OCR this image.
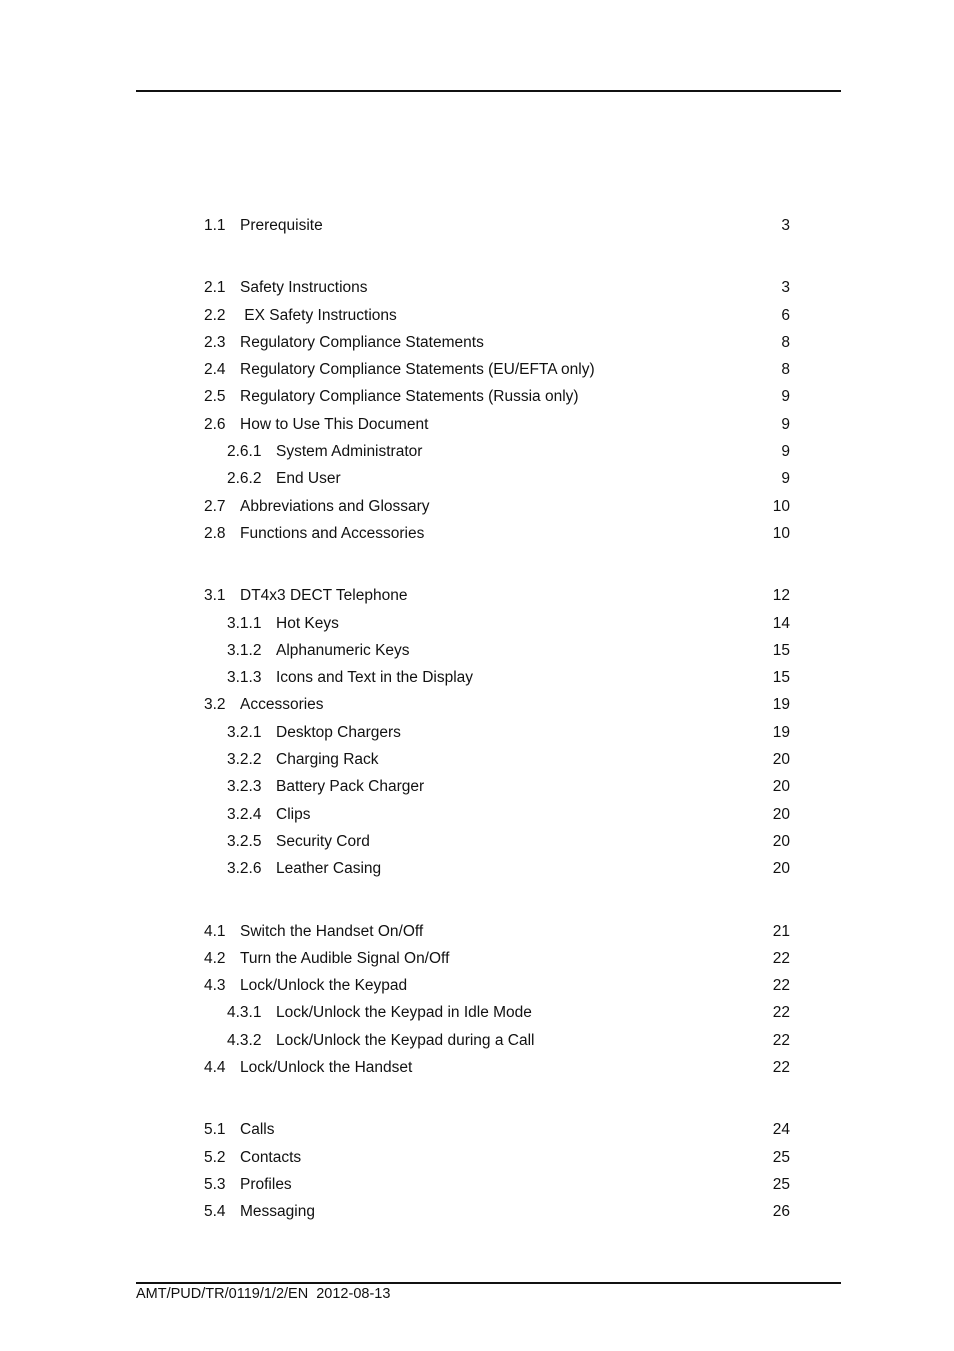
1.1 Prerequisite	3
2.1 Safety Instructions	3
2.2 EX Safety Instructions	6
2.3 Regulatory Compliance Statements	8
2.4 Regulatory Compliance Statements (EU/EFTA only)	8
2.5 Regulatory Compliance Statements (Russia only)	9
2.6 How to Use This Document	9
2.6.1 System Administrator	9
2.6.2 End User	9
2.7 Abbreviations and Glossary	10
2.8 Functions and Accessories	10
3.1 DT4x3 DECT Telephone	12
3.1.1 Hot Keys	14
3.1.2 Alphanumeric Keys	15
3.1.3 Icons and Text in the Display	15
3.2 Accessories	19
3.2.1 Desktop Chargers	19
3.2.2 Charging Rack	20
3.2.3 Battery Pack Charger	20
3.2.4 Clips	20
3.2.5 Security Cord	20
3.2.6 Leather Casing	20
4.1 Switch the Handset On/Off	21
4.2 Turn the Audible Signal On/Off	22
4.3 Lock/Unlock the Keypad	22
4.3.1 Lock/Unlock the Keypad in Idle Mode	22
4.3.2 Lock/Unlock the Keypad during a Call	22
4.4 Lock/Unlock the Handset	22
5.1 Calls	24
5.2 Contacts	25
5.3 Profiles	25
5.4 Messaging	26
AMT/PUD/TR/0119/1/2/EN  2012-08-13
